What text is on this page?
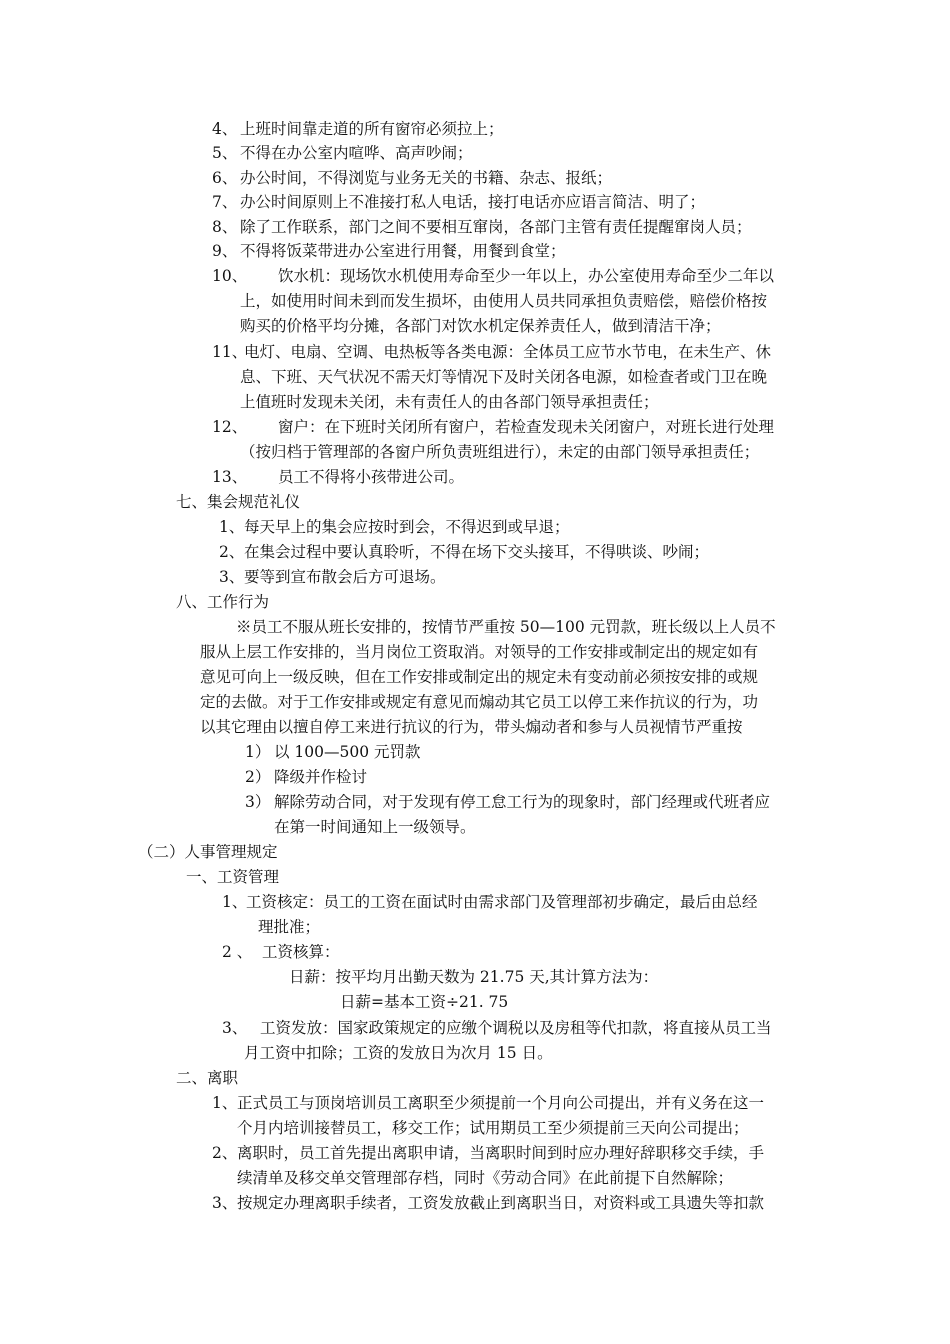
4、 上班时间靠走道的所有窗帘必须拉上；
5、 不得在办公室内喧哗、高声吵闹；
6、 办公时间，不得浏览与业务无关的书籍、杂志、报纸；
7、 办公时间原则上不准接打私人电话，接打电话亦应语言简洁、明了；
8、 除了工作联系，部门之间不要相互窜岗，各部门主管有责任提醒窜岗人员；
9、 不得将饭菜带进办公室进行用餐，用餐到食堂；
10、 饮水机：现场饮水机使用寿命至少一年以上，办公室使用寿命至少二年以
上，如使用时间未到而发生损坏，由使用人员共同承担负责赔偿，赔偿价格按
购买的价格平均分摊，各部门对饮水机定保养责任人，做到清洁干净；
11、
电灯、电扇、空调、电热板等各类电源：全体员工应节水节电，在未生产、休
息、下班、天气状况不需天灯等情况下及时关闭各电源，如检查者或门卫在晚
上值班时发现未关闭，未有责任人的由各部门领导承担责任；
12、 窗户：在下班时关闭所有窗户，若检查发现未关闭窗户，对班长进行处理
（按归档于管理部的各窗户所负责班组进行），未定的由部门领导承担责任；
13、 员工不得将小孩带进公司。
七、集会规范礼仪
1、 每天早上的集会应按时到会，不得迟到或早退；
2、 在集会过程中要认真聆听，不得在场下交头接耳，不得哄谈、吵闹；
3、 要等到宣布散会后方可退场。
八、工作行为
※员工不服从班长安排的，按情节严重按 50—100 元罚款，班长级以上人员不
服从上层工作安排的，当月岗位工资取消。对领导的工作安排或制定出的规定如有
意见可向上一级反映，但在工作安排或制定出的规定未有变动前必须按安排的或规
定的去做。对于工作安排或规定有意见而煽动其它员工以停工来作抗议的行为，功
以其它理由以擅自停工来进行抗议的行为，带头煽动者和参与人员视情节严重按
1） 以 100—500 元罚款
2） 降级并作检讨
3） 解除劳动合同，对于发现有停工怠工行为的现象时，部门经理或代班者应
在第一时间通知上一级领导。
（二）人事管理规定
一、工资管理
1、
工资核定：员工的工资在面试时由需求部门及管理部初步确定，最后由总经
理批准；
2 、 工资核算：
日薪：按平均月出勤天数为 21.75 天,其计算方法为：
日薪=基本工资÷21. 75
3、 工资发放：国家政策规定的应缴个调税以及房租等代扣款，将直接从员工当
月工资中扣除；工资的发放日为次月 15 日。
二、离职
1、 正式员工与顶岗培训员工离职至少须提前一个月向公司提出，并有义务在这一
个月内培训接替员工，移交工作；试用期员工至少须提前三天向公司提出；
2、 离职时，员工首先提出离职申请，当离职时间到时应办理好辞职移交手续，手
续清单及移交单交管理部存档，同时《劳动合同》在此前提下自然解除；
3、 按规定办理离职手续者，工资发放截止到离职当日，对资料或工具遗失等扣款
